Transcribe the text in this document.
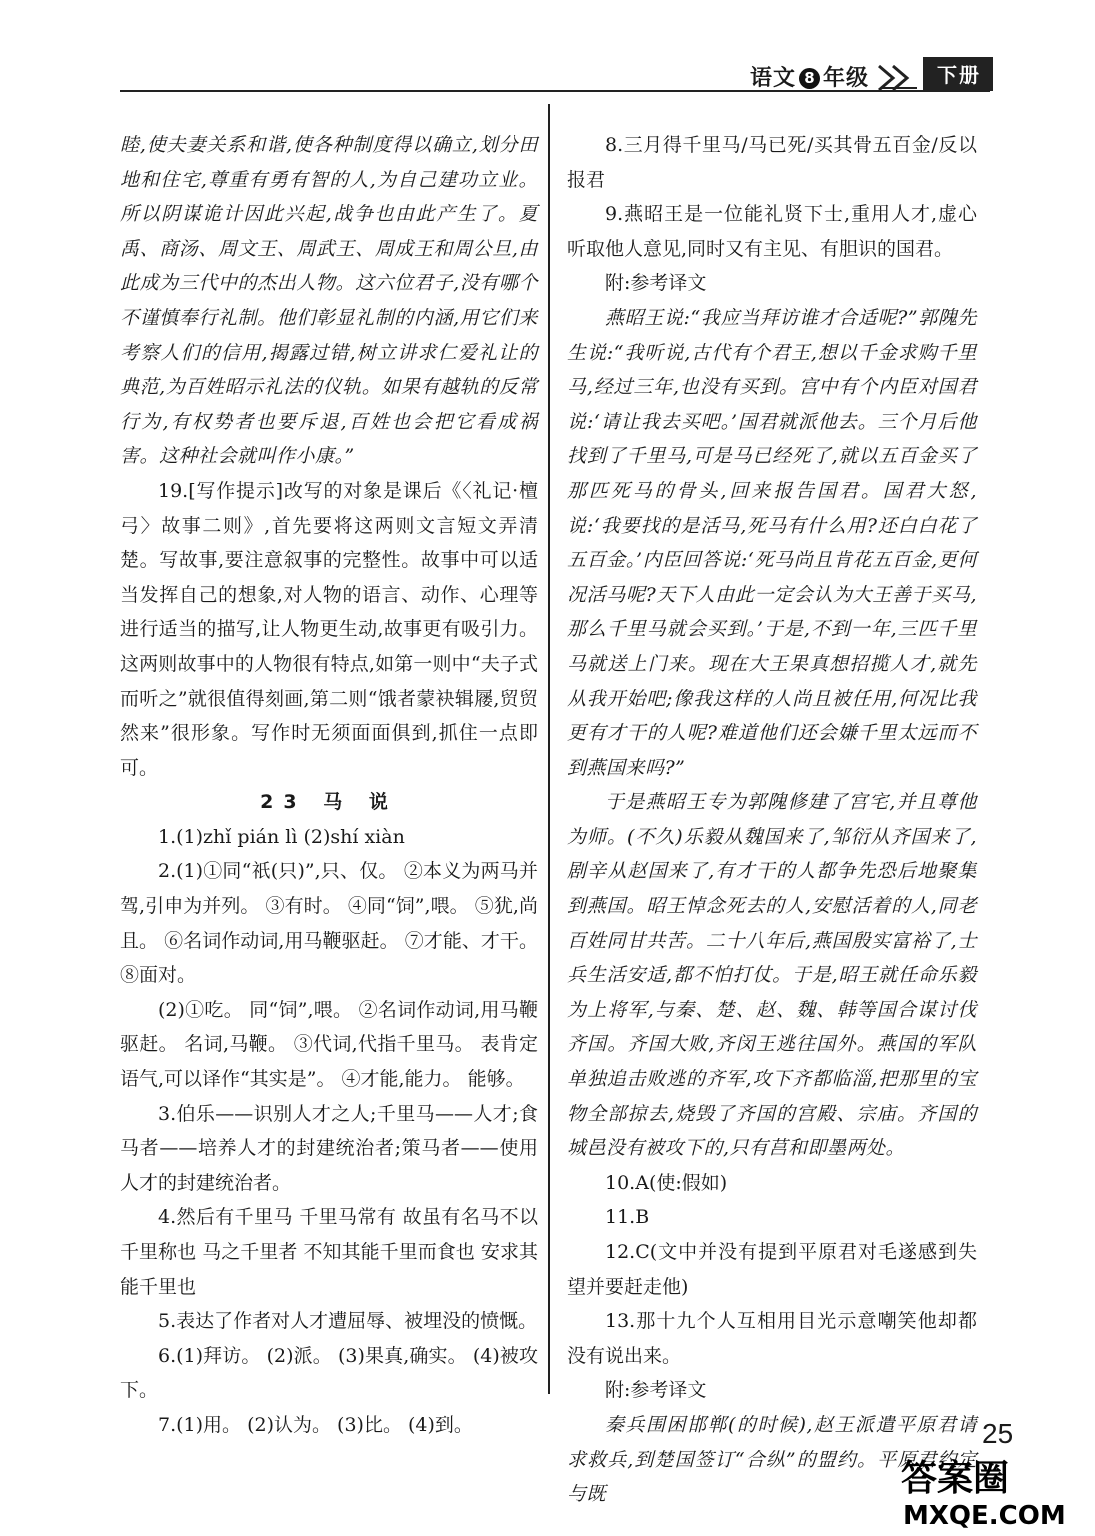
语文 8 年级	下册

睦,使夫妻关系和谐,使各种制度得以确立,划分田地和住宅,尊重有勇有智的人,为自己建功立业。所以阴谋诡计因此兴起,战争也由此产生了。夏禹、商汤、周文王、周武王、周成王和周公旦,由此成为三代中的杰出人物。这六位君子,没有哪个不谨慎奉行礼制。他们彰显礼制的内涵,用它们来考察人们的信用,揭露过错,树立讲求仁爱礼让的典范,为百姓昭示礼法的仪轨。如果有越轨的反常行为,有权势者也要斥退,百姓也会把它看成祸害。这种社会就叫作小康。”

19.[写作提示]改写的对象是课后《〈礼记·檀弓〉故事二则》,首先要将这两则文言短文弄清楚。写故事,要注意叙事的完整性。故事中可以适当发挥自己的想象,对人物的语言、动作、心理等进行适当的描写,让人物更生动,故事更有吸引力。这两则故事中的人物很有特点,如第一则中“夫子式而听之”就很值得刻画,第二则“饿者蒙袂辑屦,贸贸然来”很形象。写作时无须面面俱到,抓住一点即可。

23 马 说

1.(1)zhǐ pián lì (2)shí xiàn

2.(1)①同“祇(只)”,只、仅。 ②本义为两马并驾,引申为并列。 ③有时。 ④同“饲”,喂。 ⑤犹,尚且。 ⑥名词作动词,用马鞭驱赶。 ⑦才能、才干。 ⑧面对。

(2)①吃。 同“饲”,喂。 ②名词作动词,用马鞭驱赶。 名词,马鞭。 ③代词,代指千里马。 表肯定语气,可以译作“其实是”。 ④才能,能力。 能够。

3.伯乐——识别人才之人;千里马——人才;食马者——培养人才的封建统治者;策马者——使用人才的封建统治者。

4.然后有千里马 千里马常有 故虽有名马不以千里称也 马之千里者 不知其能千里而食也 安求其能千里也

5.表达了作者对人才遭屈辱、被埋没的愤慨。

6.(1)拜访。 (2)派。 (3)果真,确实。 (4)被攻下。

7.(1)用。 (2)认为。 (3)比。 (4)到。

8.三月得千里马/马已死/买其骨五百金/反以报君

9.燕昭王是一位能礼贤下士,重用人才,虚心听取他人意见,同时又有主见、有胆识的国君。

附:参考译文

燕昭王说:“我应当拜访谁才合适呢?”郭隗先生说:“我听说,古代有个君王,想以千金求购千里马,经过三年,也没有买到。宫中有个内臣对国君说:‘请让我去买吧。’国君就派他去。三个月后他找到了千里马,可是马已经死了,就以五百金买了那匹死马的骨头,回来报告国君。国君大怒,说:‘我要找的是活马,死马有什么用?还白白花了五百金。’内臣回答说:‘死马尚且肯花五百金,更何况活马呢?天下人由此一定会认为大王善于买马,那么千里马就会买到。’于是,不到一年,三匹千里马就送上门来。现在大王果真想招揽人才,就先从我开始吧;像我这样的人尚且被任用,何况比我更有才干的人呢?难道他们还会嫌千里太远而不到燕国来吗?”

于是燕昭王专为郭隗修建了宫宅,并且尊他为师。(不久)乐毅从魏国来了,邹衍从齐国来了,剧辛从赵国来了,有才干的人都争先恐后地聚集到燕国。昭王悼念死去的人,安慰活着的人,同老百姓同甘共苦。二十八年后,燕国殷实富裕了,士兵生活安适,都不怕打仗。于是,昭王就任命乐毅为上将军,与秦、楚、赵、魏、韩等国合谋讨伐齐国。齐国大败,齐闵王逃往国外。燕国的军队单独追击败逃的齐军,攻下齐都临淄,把那里的宝物全部掠去,烧毁了齐国的宫殿、宗庙。齐国的城邑没有被攻下的,只有莒和即墨两处。

10.A(使:假如)

11.B

12.C(文中并没有提到平原君对毛遂感到失望并要赶走他)

13.那十九个人互相用目光示意嘲笑他却都没有说出来。

附:参考译文

秦兵围困邯郸(的时候),赵王派遣平原君请求救兵,到楚国签订“合纵”的盟约。平原君约定与既

25
答案圈
MXQE.COM
